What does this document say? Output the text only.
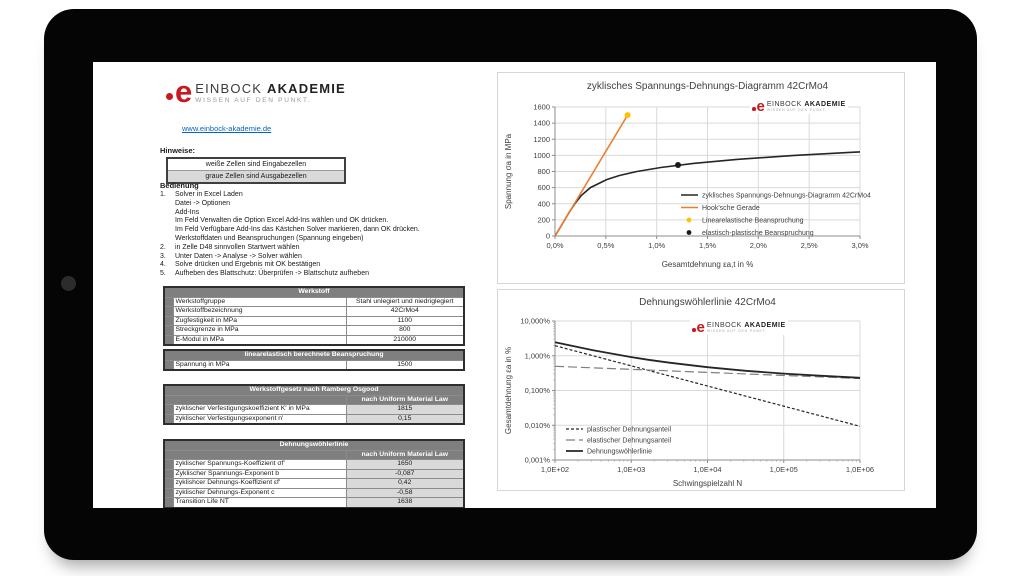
e EINBOCK AKADEMIE
WISSEN AUF DEN PUNKT.
www.einbock-akademie.de
Hinweise:
weiße Zellen sind Eingabezellen
graue Zellen sind Ausgabezellen
Bedienung
1.	Solver in Excel Laden
Datei -> Optionen
Add-Ins
Im Feld Verwalten die Option Excel Add-Ins wählen und OK drücken.
Im Feld Verfügbare Add-Ins das Kästchen Solver markieren, dann OK drücken.
Werkstoffdaten und Beanspruchungen (Spannung eingeben)
2.	in Zelle D48 sinnvollen Startwert wählen
3.	Unter Daten -> Analyse -> Solver wählen
4.	Solve drücken und Ergebnis mit OK bestätigen
5.	Aufheben des Blattschutz: Überprüfen -> Blattschutz aufheben
Werkstoff		
	Werkstoffgruppe	Stahl unlegiert und niedriglegiert
	Werkstoffbezeichnung	42CrMo4
	Zugfestigkeit in MPa	1100
	Streckgrenze in MPa	800
	E-Modul in MPa	210000
linearelastisch berechnete Beanspruchung
	Spannung in MPa	1500
Werkstoffgesetz nach Ramberg Osgood		
		nach Uniform Material Law
	zyklischer Verfestigungskoeffizient K' in MPa	1815
	zyklischer Verfestigungsexponent n'	0,15
Dehnungswöhlerlinie		
		nach Uniform Material Law
	zyklischer Spannungs-Koeffizient σf'	1650
	Zyklischer Spannungs-Exponent b	-0,087
	zyklishcer Dehnungs-Koeffizient εf'	0,42
	zyklischer Dehnungs-Exponent c	-0,58
	Transition Life NT	1638
e EINBOCK AKADEMIE
WISSEN AUF DEN PUNKT.
0,0%	0,5%	1,0%	1,5%	2,0%	2,5%	3,0%
0
200
400
600
800
1000
1200
1400
1600
zyklisches Spannungs-Dehnungs-Diagramm 42CrMo4
Gesamtdehnung εa,t in %
Spannung σa in MPa	zyklisches Spannungs-Dehnungs-Diagramm 42CrMo4
Hook'sche Gerade
Linearelastische Beanspruchung
elastisch-plastische Beanspruchung
e EINBOCK AKADEMIE
WISSEN AUF DEN PUNKT.
1,0E+02	1,0E+03	1,0E+04	1,0E+05	1,0E+06
10,000%
1,000%
0,100%
0,010%
0,001%
Dehnungswöhlerlinie 42CrMo4
Schwingspielzahl N
Gesamtdehnung εa in %	plastischer Dehnungsanteil
elastischer Dehnungsanteil
Dehnungswöhlerlinie
